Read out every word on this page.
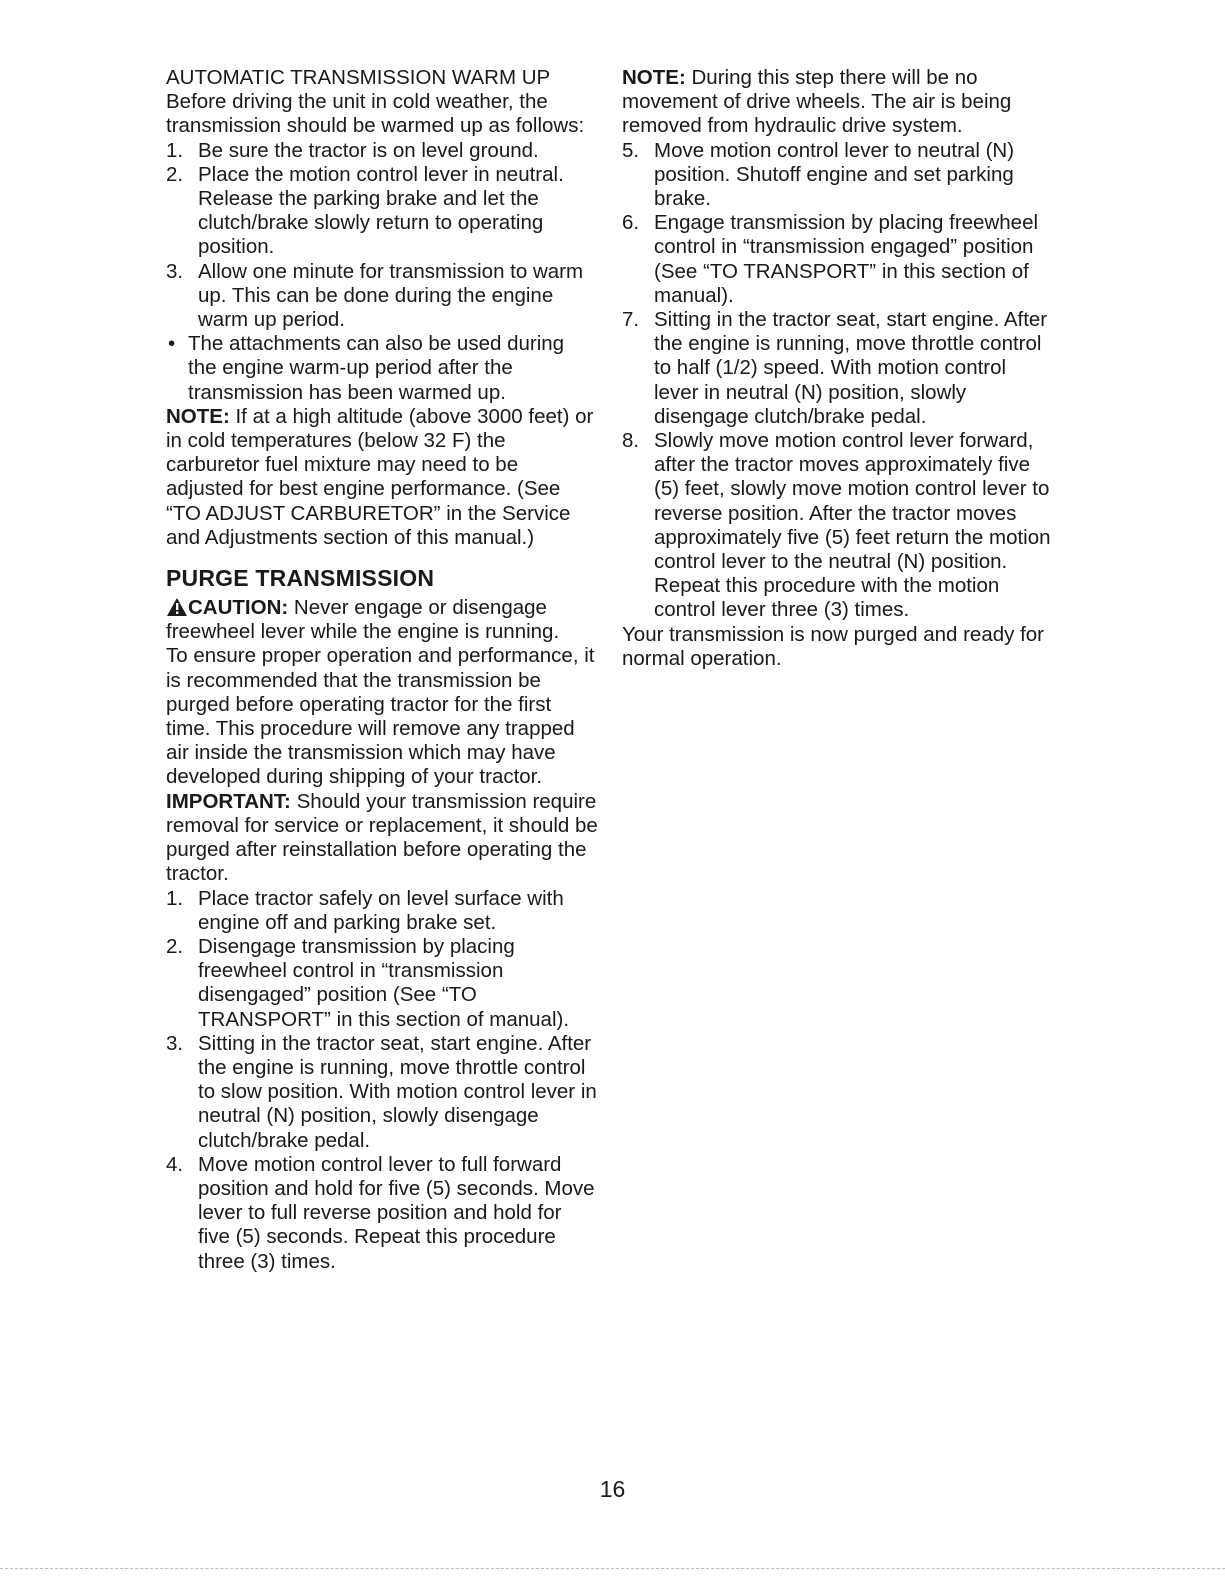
AUTOMATIC TRANSMISSION WARM UP

Before driving the unit in cold weather, the transmission should be warmed up as follows:

1. Be sure the tractor is on level ground.
2. Place the motion control lever in neutral. Release the parking brake and let the clutch/brake slowly return to operating position.
3. Allow one minute for transmission to warm up. This can be done during the engine warm up period.
• The attachments can also be used during the engine warm-up period after the transmission has been warmed up.

NOTE: If at a high altitude (above 3000 feet) or in cold temperatures (below 32 F) the carburetor fuel mixture may need to be adjusted for best engine performance. (See “TO ADJUST CARBURETOR” in the Service and Adjustments section of this manual.)

PURGE TRANSMISSION

CAUTION: Never engage or disengage freewheel lever while the engine is running.

To ensure proper operation and performance, it is recommended that the transmission be purged before operating tractor for the first time. This procedure will remove any trapped air inside the transmission which may have developed during shipping of your tractor.

IMPORTANT: Should your transmission require removal for service or replacement, it should be purged after reinstallation before operating the tractor.

1. Place tractor safely on level surface with engine off and parking brake set.
2. Disengage transmission by placing freewheel control in “transmission disengaged” position (See “TO TRANSPORT” in this section of manual).
3. Sitting in the tractor seat, start engine. After the engine is running, move throttle control to slow position. With motion control lever in neutral (N) position, slowly disengage clutch/brake pedal.
4. Move motion control lever to full forward position and hold for five (5) seconds. Move lever to full reverse position and hold for five (5) seconds. Repeat this procedure three (3) times.

NOTE: During this step there will be no movement of drive wheels. The air is being removed from hydraulic drive system.

5. Move motion control lever to neutral (N) position. Shutoff engine and set parking brake.
6. Engage transmission by placing freewheel control in “transmission engaged” position (See “TO TRANSPORT” in this section of manual).
7. Sitting in the tractor seat, start engine. After the engine is running, move throttle control to half (1/2) speed. With motion control lever in neutral (N) position, slowly disengage clutch/brake pedal.
8. Slowly move motion control lever forward, after the tractor moves approximately five (5) feet, slowly move motion control lever to reverse position. After the tractor moves approximately five (5) feet return the motion control lever to the neutral (N) position. Repeat this procedure with the motion control lever three (3) times.

Your transmission is now purged and ready for normal operation.

16
